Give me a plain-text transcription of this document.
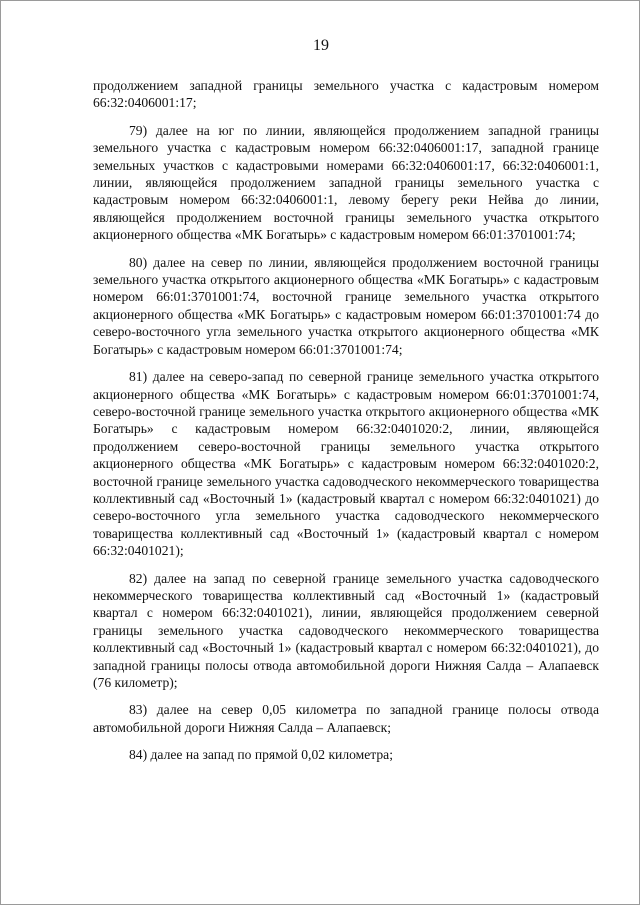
19

продолжением западной границы земельного участка с кадастровым номером 66:32:0406001:17;

79) далее на юг по линии, являющейся продолжением западной границы земельного участка с кадастровым номером 66:32:0406001:17, западной границе земельных участков с кадастровыми номерами 66:32:0406001:17, 66:32:0406001:1, линии, являющейся продолжением западной границы земельного участка с кадастровым номером 66:32:0406001:1, левому берегу реки Нейва до линии, являющейся продолжением восточной границы земельного участка открытого акционерного общества «МК Богатырь» с кадастровым номером 66:01:3701001:74;

80) далее на север по линии, являющейся продолжением восточной границы земельного участка открытого акционерного общества «МК Богатырь» с кадастровым номером 66:01:3701001:74, восточной границе земельного участка открытого акционерного общества «МК Богатырь» с кадастровым номером 66:01:3701001:74 до северо-восточного угла земельного участка открытого акционерного общества «МК Богатырь» с кадастровым номером 66:01:3701001:74;

81) далее на северо-запад по северной границе земельного участка открытого акционерного общества «МК Богатырь» с кадастровым номером 66:01:3701001:74, северо-восточной границе земельного участка открытого акционерного общества «МК Богатырь» с кадастровым номером 66:32:0401020:2, линии, являющейся продолжением северо-восточной границы земельного участка открытого акционерного общества «МК Богатырь» с кадастровым номером 66:32:0401020:2, восточной границе земельного участка садоводческого некоммерческого товарищества коллективный сад «Восточный 1» (кадастровый квартал с номером 66:32:0401021) до северо-восточного угла земельного участка садоводческого некоммерческого товарищества коллективный сад «Восточный 1» (кадастровый квартал с номером 66:32:0401021);

82) далее на запад по северной границе земельного участка садоводческого некоммерческого товарищества коллективный сад «Восточный 1» (кадастровый квартал с номером 66:32:0401021), линии, являющейся продолжением северной границы земельного участка садоводческого некоммерческого товарищества коллективный сад «Восточный 1» (кадастровый квартал с номером 66:32:0401021), до западной границы полосы отвода автомобильной дороги Нижняя Салда – Алапаевск (76 километр);

83) далее на север 0,05 километра по западной границе полосы отвода автомобильной дороги Нижняя Салда – Алапаевск;

84) далее на запад по прямой 0,02 километра;
